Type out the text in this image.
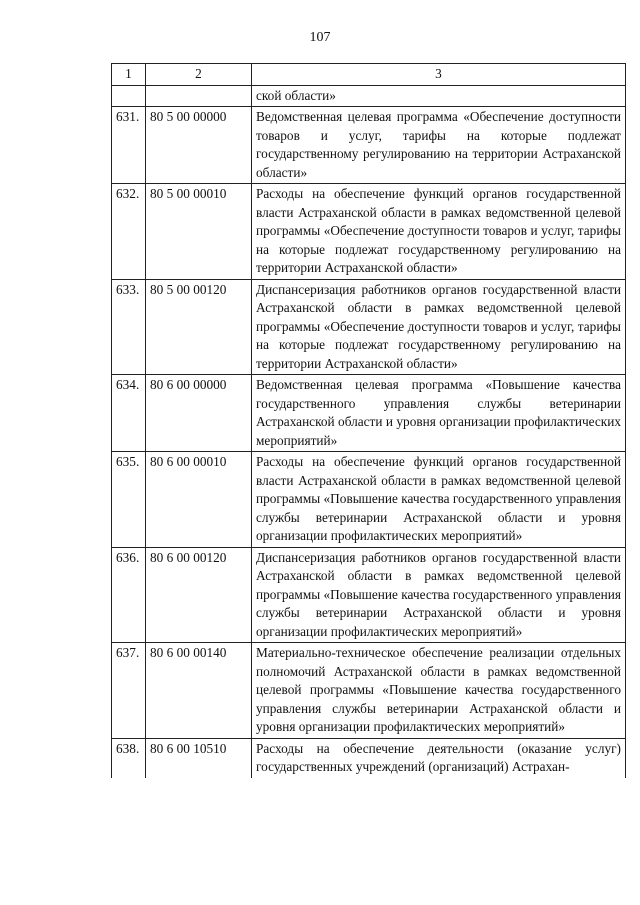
107
1	2	3
		ской области»
631.	80 5 00 00000	Ведомственная целевая программа «Обеспечение доступности товаров и услуг, тарифы на которые подлежат государственному регулированию на территории Астраханской области»
632.	80 5 00 00010	Расходы на обеспечение функций органов государственной власти Астраханской области в рамках ведомственной целевой программы «Обеспечение доступности товаров и услуг, тарифы на которые подлежат государственному регулированию на территории Астраханской области»
633.	80 5 00 00120	Диспансеризация работников органов государственной власти Астраханской области в рамках ведомственной целевой программы «Обеспечение доступности товаров и услуг, тарифы на которые подлежат государственному регулированию на территории Астраханской области»
634.	80 6 00 00000	Ведомственная целевая программа «Повышение качества государственного управления службы ветеринарии Астраханской области и уровня организации профилактических мероприятий»
635.	80 6 00 00010	Расходы на обеспечение функций органов государственной власти Астраханской области в рамках ведомственной целевой программы «Повышение качества государственного управления службы ветеринарии Астраханской области и уровня организации профилактических мероприятий»
636.	80 6 00 00120	Диспансеризация работников органов государственной власти Астраханской области в рамках ведомственной целевой программы «Повышение качества государственного управления службы ветеринарии Астраханской области и уровня организации профилактических мероприятий»
637.	80 6 00 00140	Материально-техническое обеспечение реализации отдельных полномочий Астраханской области в рамках ведомственной целевой программы «Повышение качества государственного управления службы ветеринарии Астраханской области и уровня организации профилактических мероприятий»
638.	80 6 00 10510	Расходы на обеспечение деятельности (оказание услуг) государственных учреждений (организаций) Астрахан-
